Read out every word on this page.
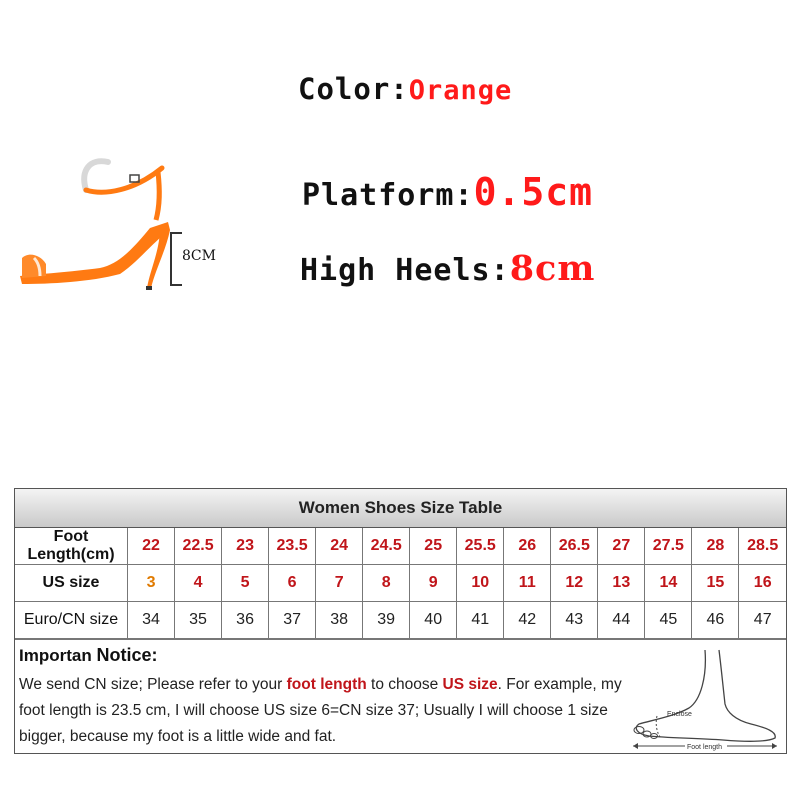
Color:Orange
Platform:0.5cm
High Heels:8cm
8CM
Women Shoes Size Table
Foot Length(cm)	22	22.5	23	23.5	24	24.5	25	25.5	26	26.5	27	27.5	28	28.5
US size	3	4	5	6	7	8	9	10	11	12	13	14	15	16
Euro/CN size	34	35	36	37	38	39	40	41	42	43	44	45	46	47
Importan Notice:
We send CN size; Please refer to your foot length to choose US size. For example, my foot length is 23.5 cm, I will choose US size 6=CN size 37; Usually I will choose 1 size bigger, because my foot is a little wide and fat.
Enclose
Foot length
